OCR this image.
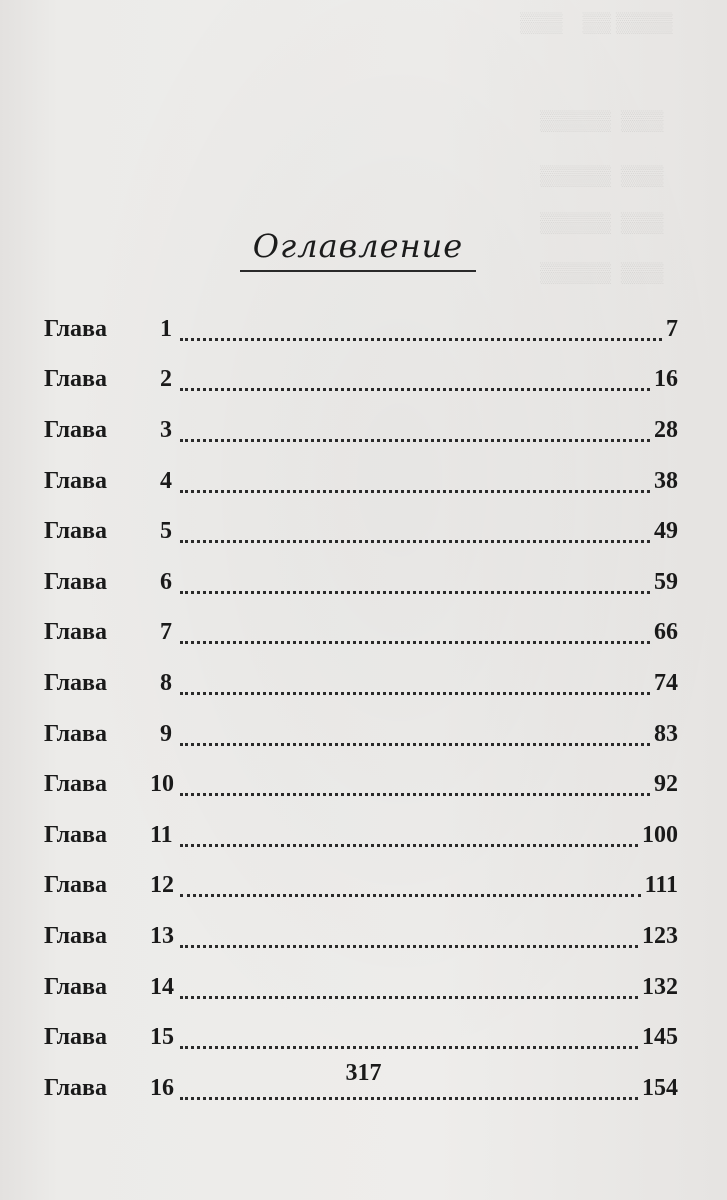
▒▒▒▒ ▒▒    ▒▒▒
▒▒▒  ▒▒▒▒▒
▒▒▒  ▒▒▒▒▒
▒▒▒  ▒▒▒▒▒
▒▒▒  ▒▒▒▒▒
Оглавление
Глава	1	7
Глава	2	16
Глава	3	28
Глава	4	38
Глава	5	49
Глава	6	59
Глава	7	66
Глава	8	74
Глава	9	83
Глава	10	92
Глава	11	100
Глава	12	111
Глава	13	123
Глава	14	132
Глава	15	145
Глава	16	154
317
